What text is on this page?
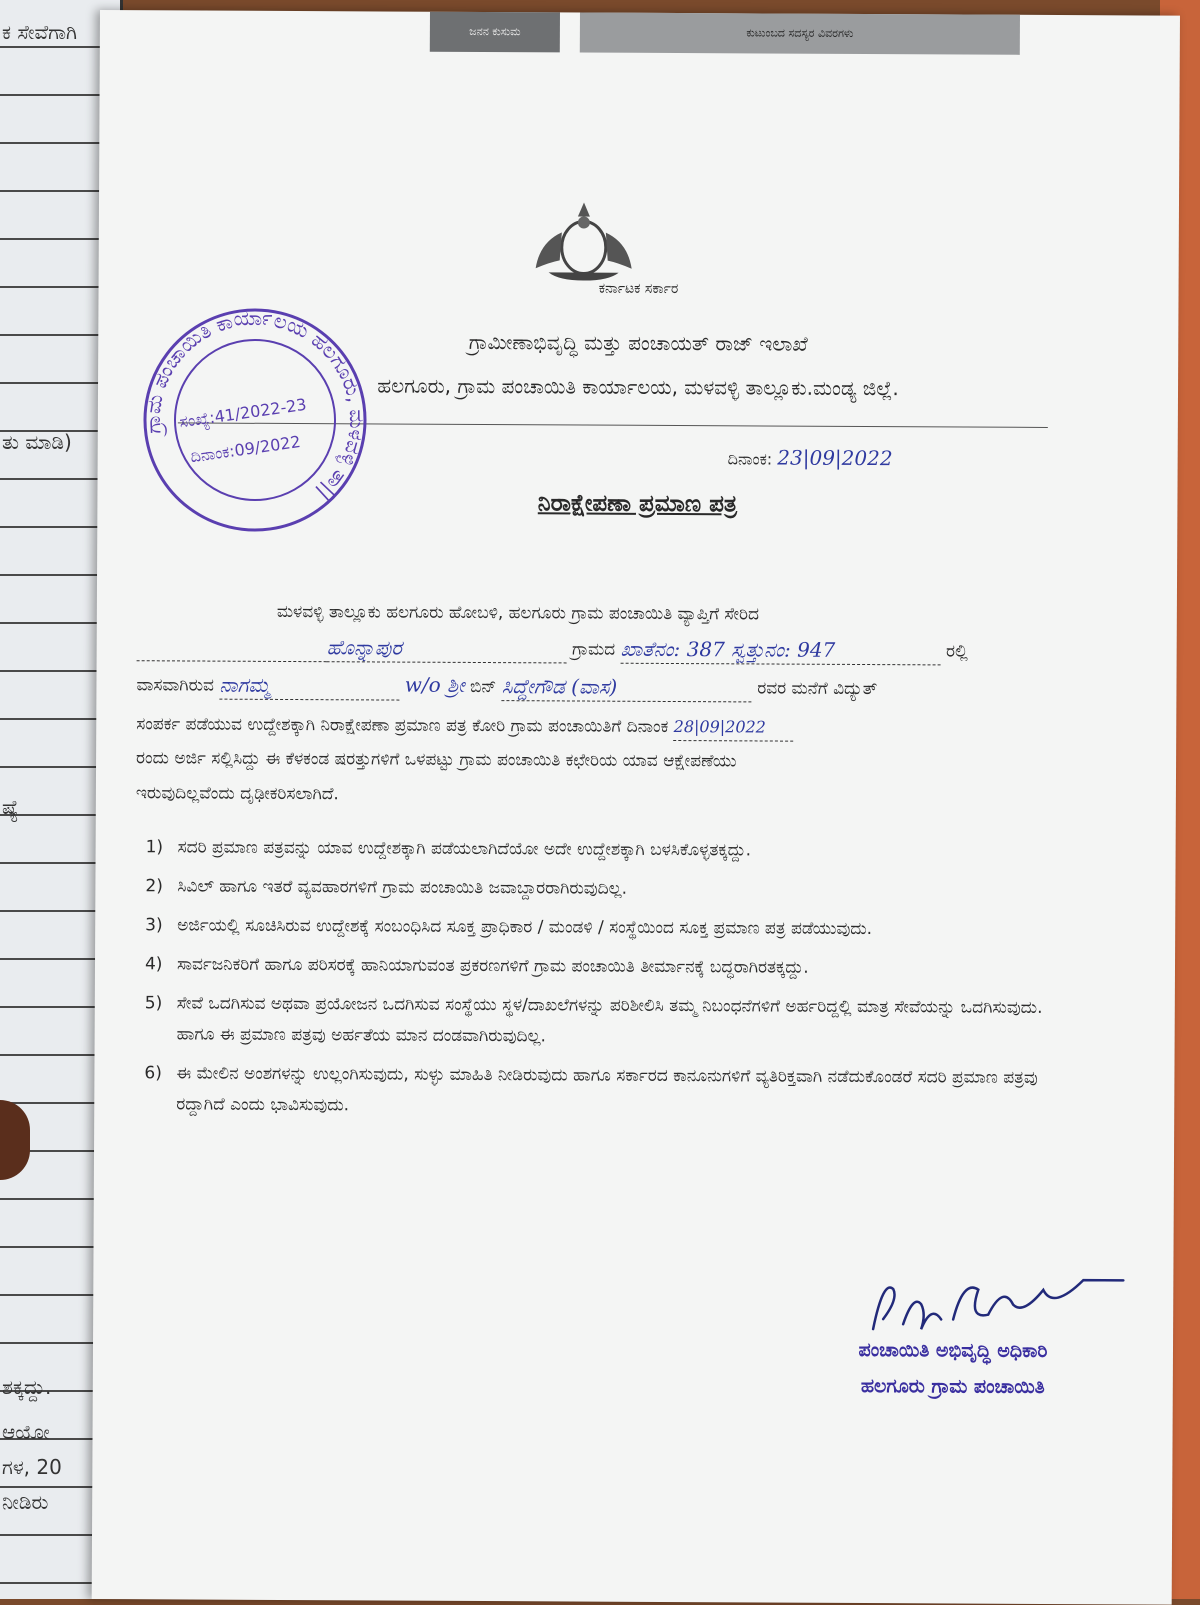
ಕ ಸೇವೆಗಾಗಿ
ತು ಮಾಡಿ)
ಷ್ಯೆ
ಶಕ್ಕದ್ದು.
ಆಯೋ
ಗಳ, 20
ನೀಡಿರು
ಜನನ ಕುಸುಮ	ಕುಟುಂಬದ ಸದಸ್ಯರ ವಿವರಗಳು
ಕರ್ನಾಟಕ ಸರ್ಕಾರ
ಗ್ರಾಮೀಣಾಭಿವೃದ್ಧಿ ಮತ್ತು ಪಂಚಾಯತ್ ರಾಜ್ ಇಲಾಖೆ
ಹಲಗೂರು, ಗ್ರಾಮ ಪಂಚಾಯಿತಿ ಕಾರ್ಯಾಲಯ, ಮಳವಳ್ಳಿ ತಾಲ್ಲೂಕು.ಮಂಡ್ಯ ಜಿಲ್ಲೆ.
ದಿನಾಂಕ: 23|09|2022
ನಿರಾಕ್ಷೇಪಣಾ ಪ್ರಮಾಣ ಪತ್ರ
ಮಳವಳ್ಳಿ ತಾಲ್ಲೂಕು ಹಲಗೂರು ಹೋಬಳಿ, ಹಲಗೂರು ಗ್ರಾಮ ಪಂಚಾಯಿತಿ ವ್ಯಾಪ್ತಿಗೆ ಸೇರಿದ
ಹೊನ್ನಾಪುರ	ಗ್ರಾಮದ ಖಾತೆನಂ: 387 ಸ್ವತ್ತುನಂ: 947	ರಲ್ಲಿ
ವಾಸವಾಗಿರುವ ನಾಗಮ್ಮ	w/o ಶ್ರೀ ಬಿನ್ ಸಿದ್ದೇಗೌಡ (ವಾಸ)	ರವರ ಮನೆಗೆ ವಿದ್ಯುತ್
ಸಂಪರ್ಕ ಪಡೆಯುವ ಉದ್ದೇಶಕ್ಕಾಗಿ ನಿರಾಕ್ಷೇಪಣಾ ಪ್ರಮಾಣ ಪತ್ರ ಕೋರಿ ಗ್ರಾಮ ಪಂಚಾಯಿತಿಗೆ ದಿನಾಂಕ 28|09|2022
ರಂದು ಅರ್ಜಿ ಸಲ್ಲಿಸಿದ್ದು ಈ ಕೆಳಕಂಡ ಷರತ್ತುಗಳಿಗೆ ಒಳಪಟ್ಟು ಗ್ರಾಮ ಪಂಚಾಯಿತಿ ಕಛೇರಿಯ ಯಾವ ಆಕ್ಷೇಪಣೆಯು
ಇರುವುದಿಲ್ಲವೆಂದು ದೃಢೀಕರಿಸಲಾಗಿದೆ.
1) ಸದರಿ ಪ್ರಮಾಣ ಪತ್ರವನ್ನು ಯಾವ ಉದ್ದೇಶಕ್ಕಾಗಿ ಪಡೆಯಲಾಗಿದೆಯೋ ಅದೇ ಉದ್ದೇಶಕ್ಕಾಗಿ ಬಳಸಿಕೊಳ್ಳತಕ್ಕದ್ದು.
2) ಸಿವಿಲ್ ಹಾಗೂ ಇತರೆ ವ್ಯವಹಾರಗಳಿಗೆ ಗ್ರಾಮ ಪಂಚಾಯಿತಿ ಜವಾಬ್ದಾರರಾಗಿರುವುದಿಲ್ಲ.
3) ಅರ್ಜಿಯಲ್ಲಿ ಸೂಚಿಸಿರುವ ಉದ್ದೇಶಕ್ಕೆ ಸಂಬಂಧಿಸಿದ ಸೂಕ್ತ ಪ್ರಾಧಿಕಾರ / ಮಂಡಳಿ / ಸಂಸ್ಥೆಯಿಂದ ಸೂಕ್ತ ಪ್ರಮಾಣ ಪತ್ರ ಪಡೆಯುವುದು.
4) ಸಾರ್ವಜನಿಕರಿಗೆ ಹಾಗೂ ಪರಿಸರಕ್ಕೆ ಹಾನಿಯಾಗುವಂತ ಪ್ರಕರಣಗಳಿಗೆ ಗ್ರಾಮ ಪಂಚಾಯಿತಿ ತೀರ್ಮಾನಕ್ಕೆ ಬದ್ಧರಾಗಿರತಕ್ಕದ್ದು.
5) ಸೇವೆ ಒದಗಿಸುವ ಅಥವಾ ಪ್ರಯೋಜನ ಒದಗಿಸುವ ಸಂಸ್ಥೆಯು ಸ್ಥಳ/ದಾಖಲೆಗಳನ್ನು ಪರಿಶೀಲಿಸಿ ತಮ್ಮ ನಿಬಂಧನೆಗಳಿಗೆ ಅರ್ಹರಿದ್ದಲ್ಲಿ ಮಾತ್ರ ಸೇವೆಯನ್ನು ಒದಗಿಸುವುದು. ಹಾಗೂ ಈ ಪ್ರಮಾಣ ಪತ್ರವು ಅರ್ಹತೆಯ ಮಾನ ದಂಡವಾಗಿರುವುದಿಲ್ಲ.
6) ಈ ಮೇಲಿನ ಅಂಶಗಳನ್ನು ಉಲ್ಲಂಗಿಸುವುದು, ಸುಳ್ಳು ಮಾಹಿತಿ ನೀಡಿರುವುದು ಹಾಗೂ ಸರ್ಕಾರದ ಕಾನೂನುಗಳಿಗೆ ವ್ಯತಿರಿಕ್ತವಾಗಿ ನಡೆದುಕೊಂಡರೆ ಸದರಿ ಪ್ರಮಾಣ ಪತ್ರವು ರದ್ದಾಗಿದೆ ಎಂದು ಭಾವಿಸುವುದು.
ಪಂಚಾಯಿತಿ ಅಭಿವೃದ್ಧಿ ಅಧಿಕಾರಿ
ಹಲಗೂರು ಗ್ರಾಮ ಪಂಚಾಯಿತಿ
ಗ್ರಾಮ ಪಂಚಾಯಿತಿ ಕಾರ್ಯಾಲಯ ಹಲಗೂರು, ಮಳವಳ್ಳಿ ತಾ||
ಸಂಖ್ಯೆ:41/2022-23
ದಿನಾಂಕ:09/2022
